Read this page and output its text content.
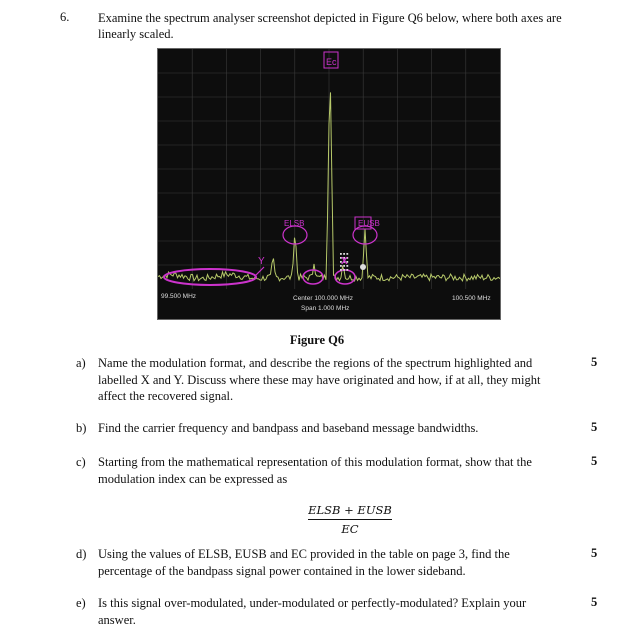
6. Examine the spectrum analyser screenshot depicted in Figure Q6 below, where both axes are linearly scaled.
Ec
ELSB	EUSB
Y	X
99.500 MHz	Center 100.000 MHz
Span 1.000 MHz
100.500 MHz
Figure Q6
a) Name the modulation format, and describe the regions of the spectrum highlighted and labelled X and Y. Discuss where these may have originated and how, if at all, they might affect the recovered signal.
5
b) Find the carrier frequency and bandpass and baseband message bandwidths.	5
c) Starting from the mathematical representation of this modulation format, show that the modulation index can be expressed as
5
ELSB + EUSB
EC
d) Using the values of ELSB, EUSB and EC provided in the table on page 3, find the percentage of the bandpass signal power contained in the lower sideband.
5
e) Is this signal over-modulated, under-modulated or perfectly-modulated? Explain your answer.
5
